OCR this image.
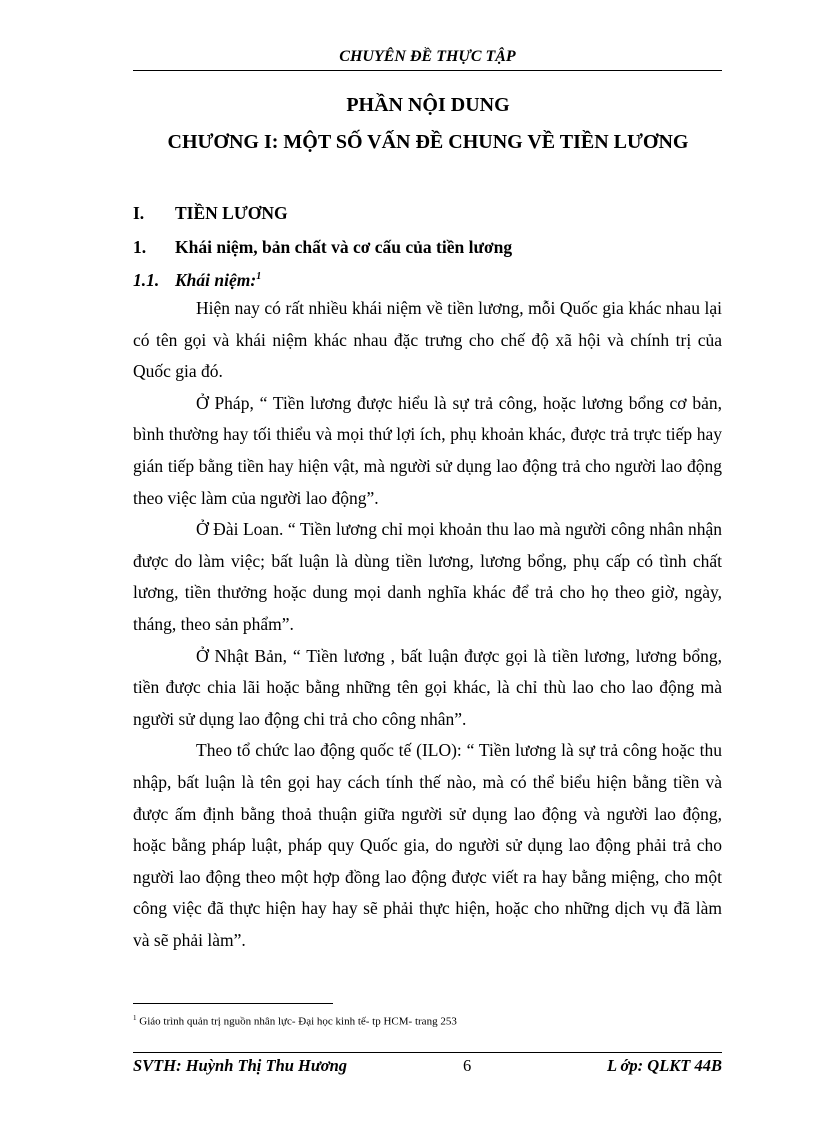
CHUYÊN ĐỀ THỰC TẬP
PHẦN NỘI DUNG
CHƯƠNG I: MỘT SỐ VẤN ĐỀ CHUNG VỀ TIỀN LƯƠNG
I. TIỀN LƯƠNG
1. Khái niệm, bản chất và cơ cấu của tiền lương
1.1. Khái niệm:$^1$

Hiện nay có rất nhiều khái niệm về tiền lương, mỗi Quốc gia khác nhau lại có tên gọi và khái niệm khác nhau đặc trưng cho chế độ xã hội và chính trị của Quốc gia đó.

Ở Pháp, “ Tiền lương được hiểu là sự trả công, hoặc lương bổng cơ bản, bình thường hay tối thiểu và mọi thứ lợi ích, phụ khoản khác, được trả trực tiếp hay gián tiếp bằng tiền hay hiện vật, mà người sử dụng lao động trả cho người lao động theo việc làm của người lao động”.

Ở Đài Loan. “ Tiền lương chỉ mọi khoản thu lao mà người công nhân nhận được do làm việc; bất luận là dùng tiền lương, lương bổng, phụ cấp có tình chất lương, tiền thưởng hoặc dung mọi danh nghĩa khác để trả cho họ theo giờ, ngày, tháng, theo sản phẩm”.

Ở Nhật Bản, “ Tiền lương , bất luận được gọi là tiền lương, lương bổng, tiền được chia lãi hoặc bằng những tên gọi khác, là chỉ thù lao cho lao động mà người sử dụng lao động chi trả cho công nhân”.

Theo tổ chức lao động quốc tế (ILO): “ Tiền lương là sự trả công hoặc thu nhập, bất luận là tên gọi hay cách tính thế nào, mà có thể biểu hiện bằng tiền và được ấm định bằng thoả thuận giữa người sử dụng lao động và người lao động, hoặc bằng pháp luật, pháp quy Quốc gia, do người sử dụng lao động phải trả cho người lao động theo một hợp đồng lao động được viết ra hay bằng miệng, cho một công việc đã thực hiện hay hay sẽ phải thực hiện, hoặc cho những dịch vụ đã làm và sẽ phải làm”.

$^1$ Giáo trình quản trị nguồn nhân lực- Đại học kinh tế- tp HCM- trang 253
SVTH: Huỳnh Thị Thu Hương	6	L ớp: QLKT 44B
